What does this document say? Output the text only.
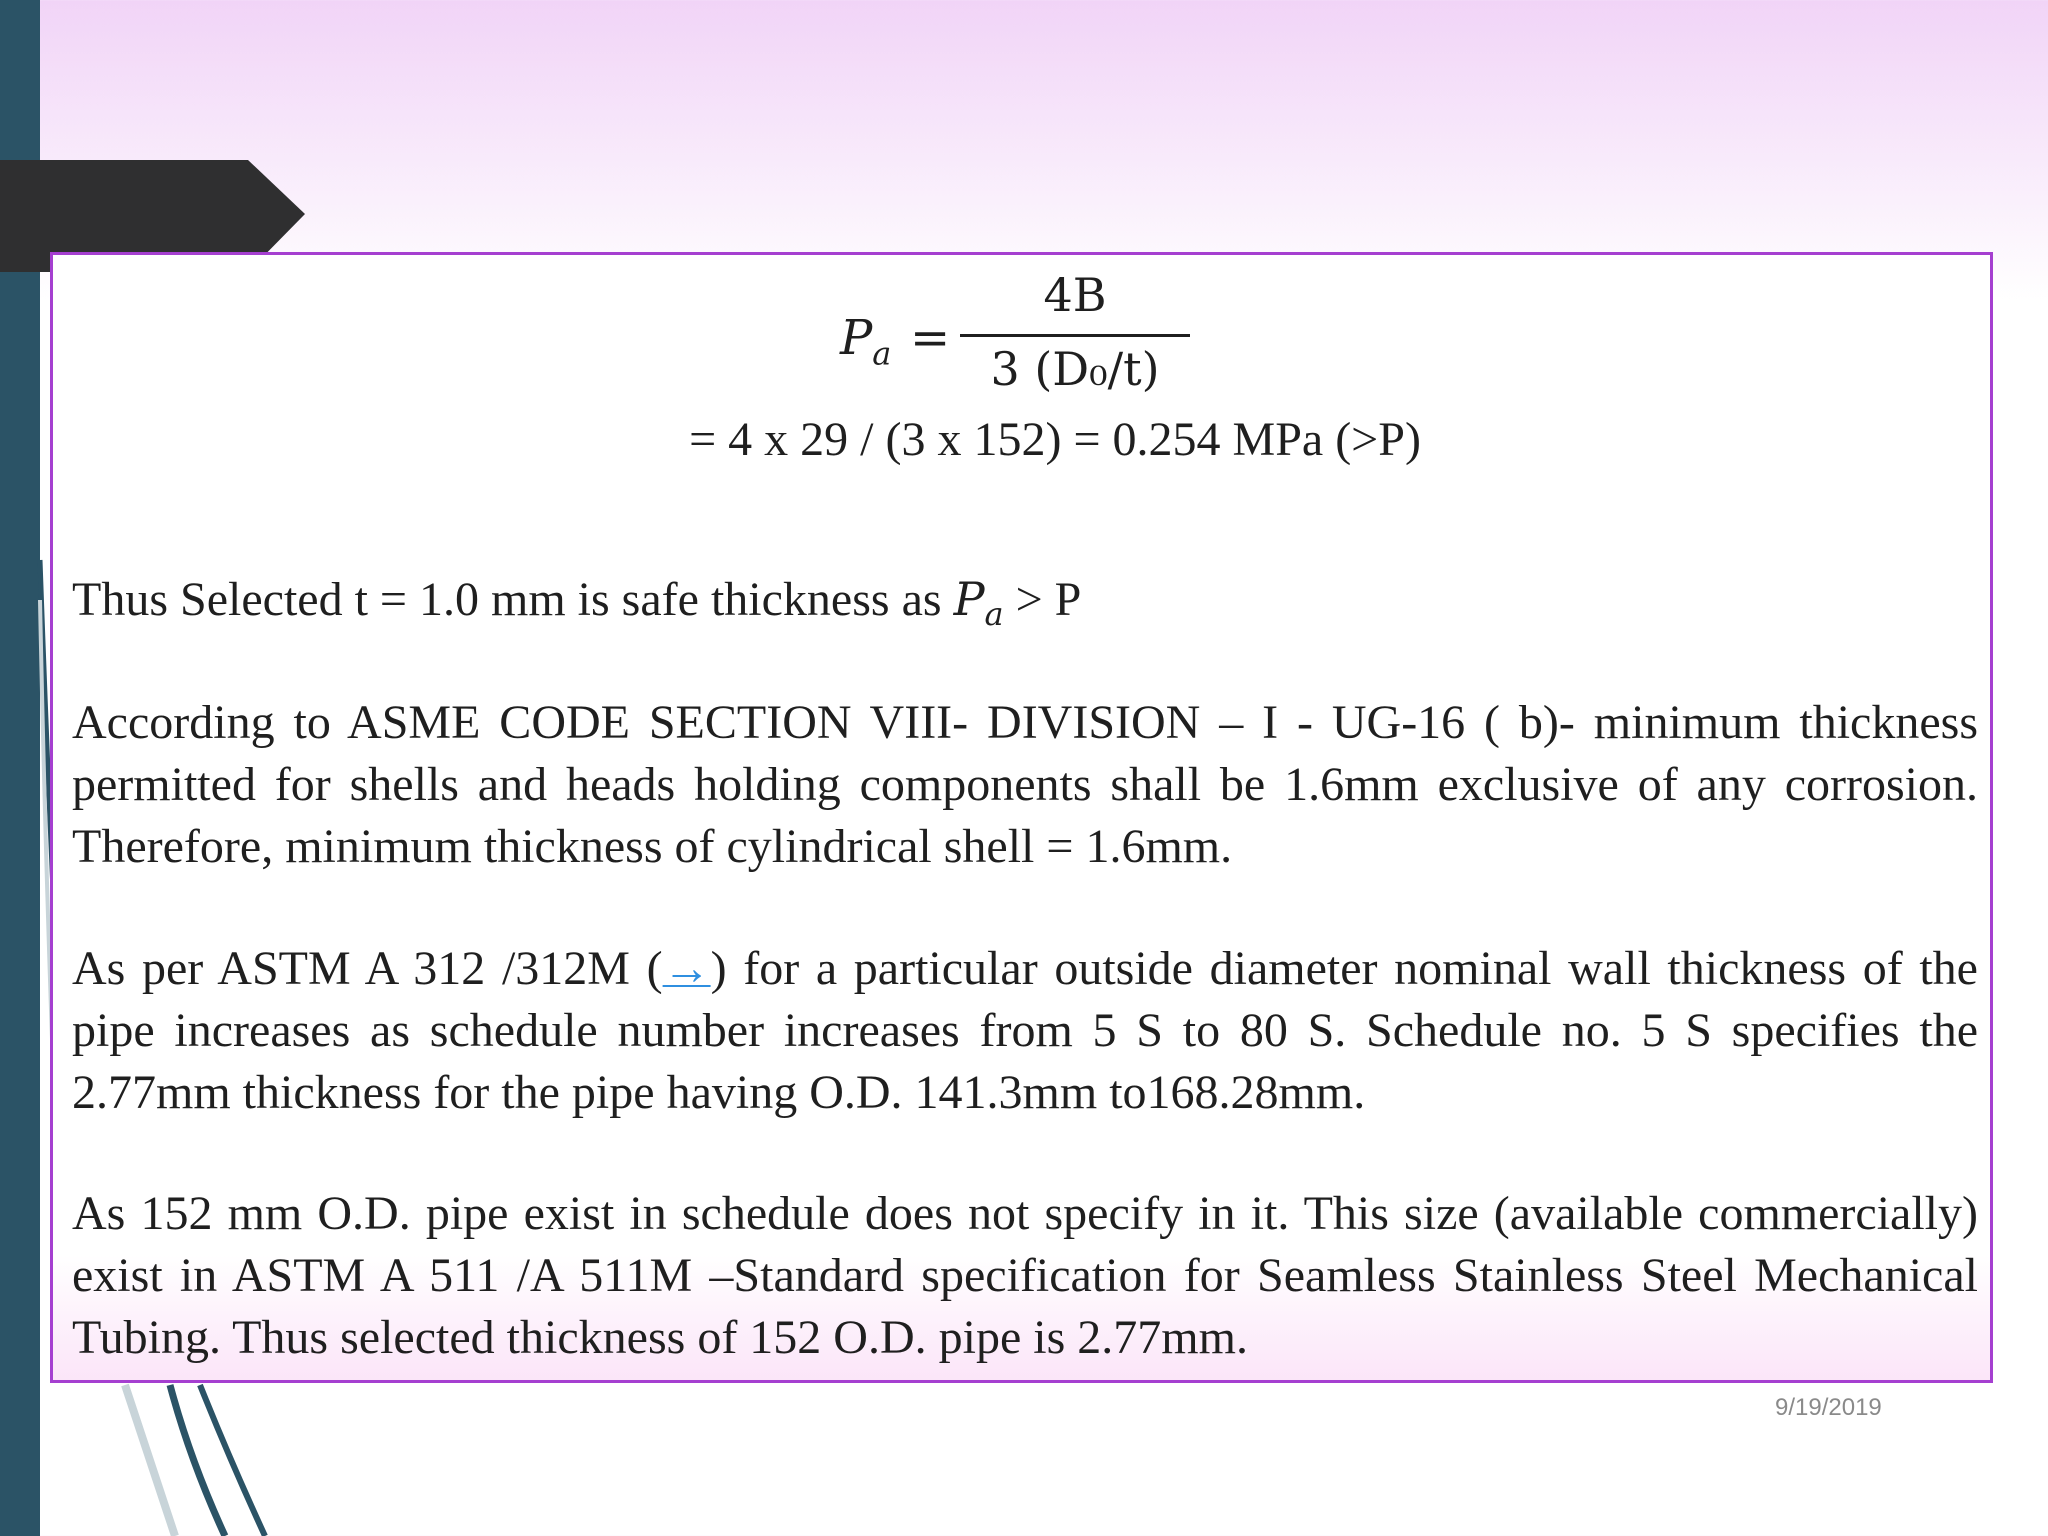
$P_a$ =
4B
3 (D₀/t)
= 4 x 29 / (3 x 152) = 0.254 MPa (>P)

Thus Selected t = 1.0 mm is safe thickness as $P_a > P$

According to ASME CODE SECTION VIII- DIVISION – I - UG-16 ( b)- minimum thickness permitted for shells and heads holding components shall be 1.6mm exclusive of any corrosion. Therefore, minimum thickness of cylindrical shell = 1.6mm.

As per ASTM A 312 /312M (→) for a particular outside diameter nominal wall thickness of the pipe increases as schedule number increases from 5 S to 80 S. Schedule no. 5 S specifies the 2.77mm thickness for the pipe having O.D. 141.3mm to168.28mm.

As 152 mm O.D. pipe exist in schedule does not specify in it. This size (available commercially) exist in ASTM A 511 /A 511M –Standard specification for Seamless Stainless Steel Mechanical Tubing. Thus selected thickness of 152 O.D. pipe is 2.77mm.

9/19/2019
